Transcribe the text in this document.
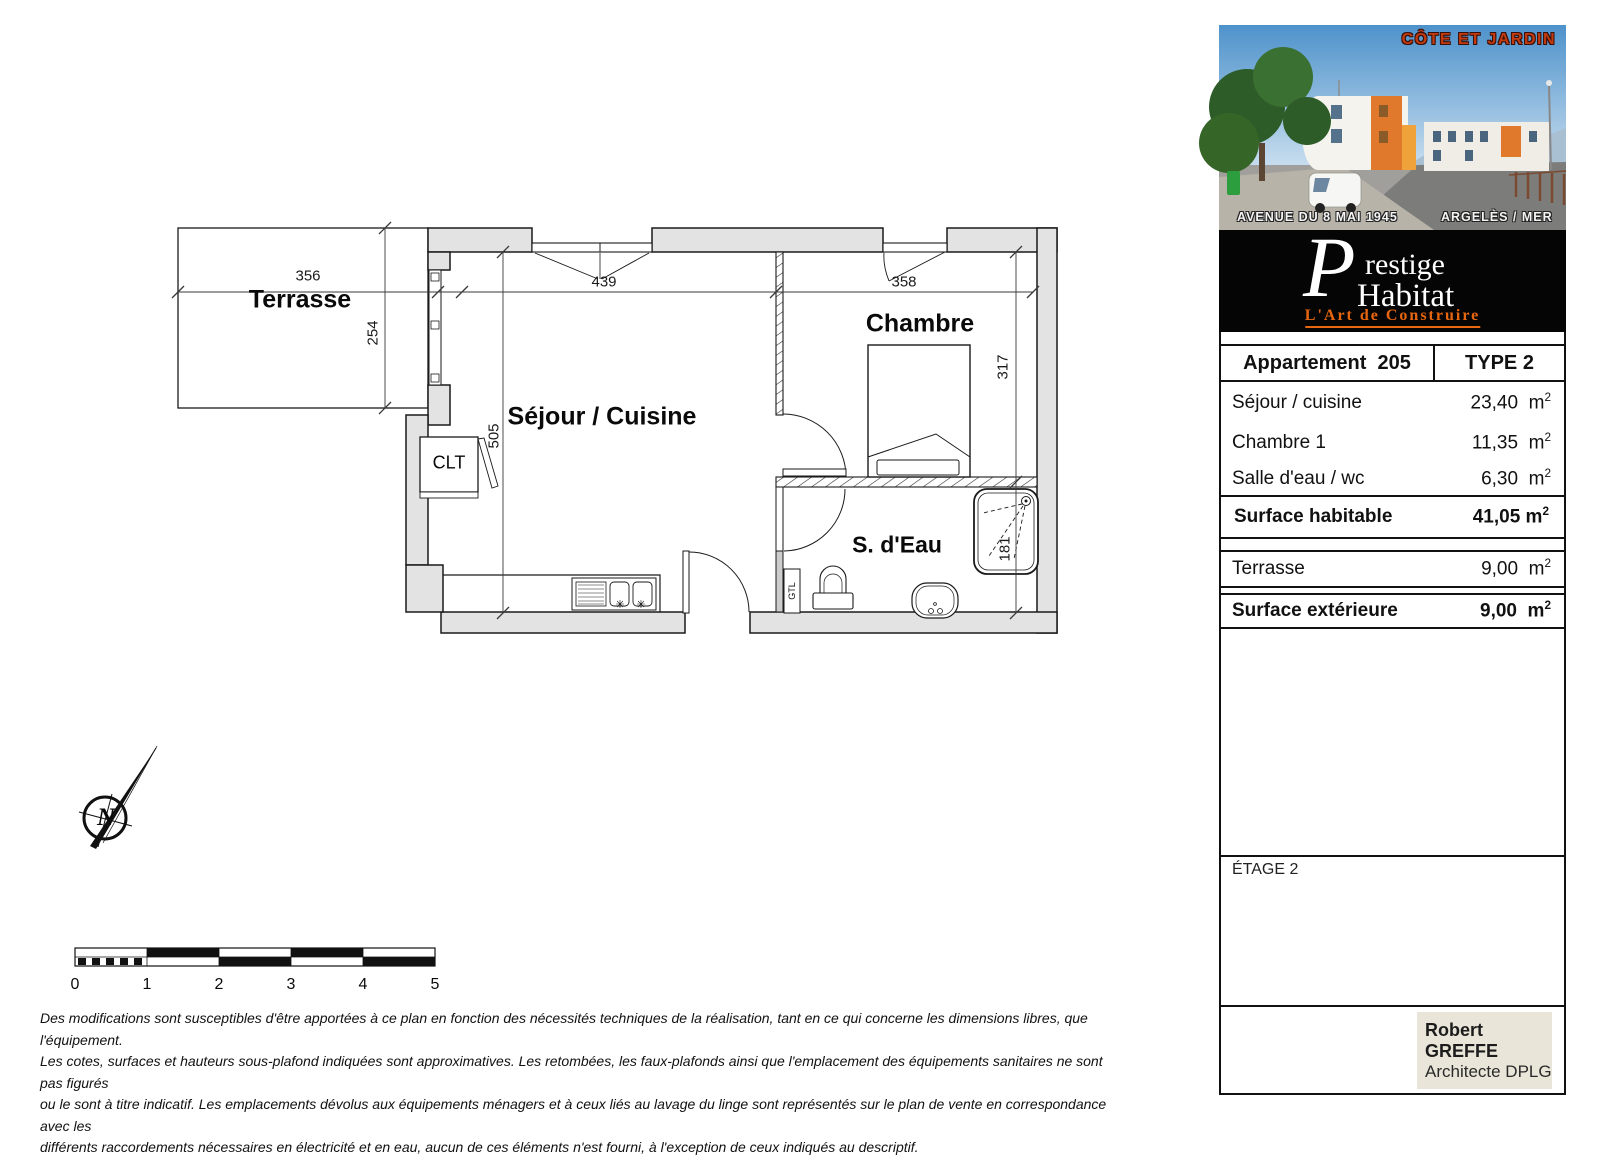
Terrasse
Séjour / Cuisine
Chambre
S. d'Eau
CLT
GTL
356	439	358
254
505
317
181
N
0	1	2	3	4	5
Des modifications sont susceptibles d'être apportées à ce plan en fonction des nécessités techniques de la réalisation, tant en ce qui concerne les dimensions libres, que l'équipement.
Les cotes, surfaces et hauteurs sous-plafond indiquées sont approximatives. Les retombées, les faux-plafonds ainsi que l'emplacement des équipements sanitaires ne sont pas figurés
ou le sont à titre indicatif. Les emplacements dévolus aux équipements ménagers et à ceux liés au lavage du linge sont représentés sur le plan de vente en correspondance avec les
différents raccordements nécessaires en électricité et en eau, aucun de ces éléments n'est fourni, à l'exception de ceux indiqués au descriptif.
CÔTE ET JARDIN
AVENUE DU 8 MAI 1945	ARGELÈS / MER
P restige
Habitat
L'Art de Construire
Appartement  205	TYPE 2
Séjour / cuisine	23,40 $m^2$
Chambre 1	11,35 $m^2$
Salle d'eau / wc	6,30 $m^2$
Surface habitable	41,05 $m^2$
Terrasse	9,00 $m^2$
Surface extérieure	9,00 $m^2$
ÉTAGE 2
Robert GREFFE
Architecte DPLG
